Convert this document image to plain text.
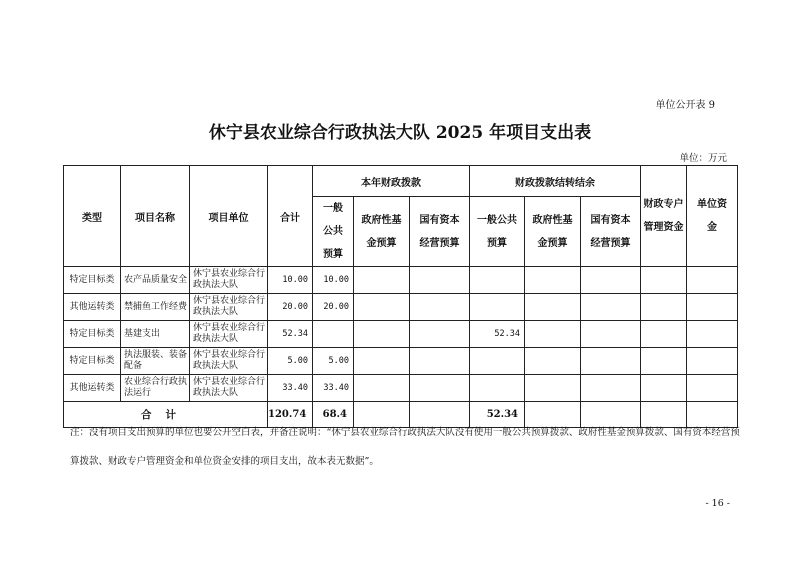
单位公开表 9
休宁县农业综合行政执法大队 2025 年项目支出表
单位：万元
类型	项目名称	项目单位	合计	本年财政拨款			财政拨款结转结余			财政专户管理资金	单位资金
				一般公共预算	政府性基金预算	国有资本经营预算	一般公共预算	政府性基金预算	国有资本经营预算		
特定目标类	农产品质量安全	休宁县农业综合行政执法大队	10.00	10.00							
其他运转类	禁捕鱼工作经费	休宁县农业综合行政执法大队	20.00	20.00							
特定目标类	基建支出	休宁县农业综合行政执法大队	52.34				52.34				
特定目标类	执法服装、装备配备	休宁县农业综合行政执法大队	5.00	5.00							
其他运转类	农业综合行政执法运行	休宁县农业综合行政执法大队	33.40	33.40							
合计			120.74	68.4			52.34				
注：没有项目支出预算的单位也要公开空白表，并备注说明：“休宁县农业综合行政执法大队没有使用一般公共预算拨款、政府性基金预算拨款、国有资本经营预算拨款、财政专户管理资金和单位资金安排的项目支出，故本表无数据”。
- 16 -
